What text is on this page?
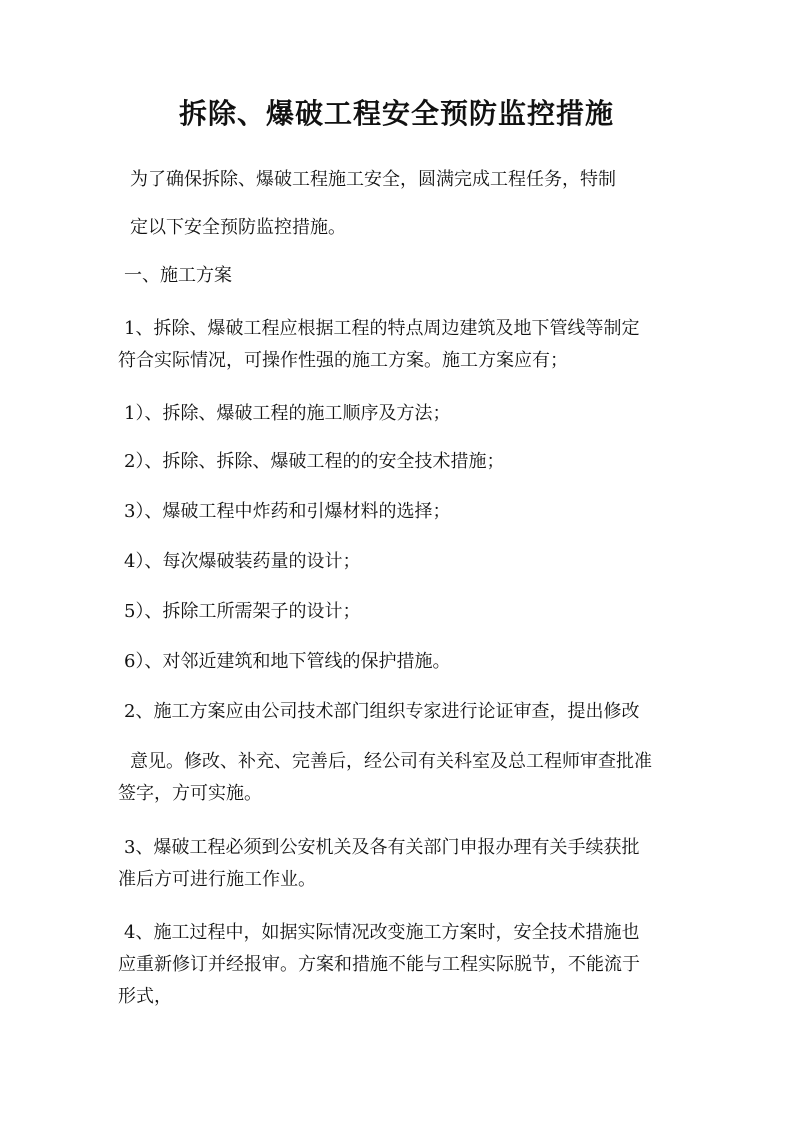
拆除、爆破工程安全预防监控措施

为了确保拆除、爆破工程施工安全，圆满完成工程任务，特制

定以下安全预防监控措施。

一、施工方案

1、拆除、爆破工程应根据工程的特点周边建筑及地下管线等制定
符合实际情况，可操作性强的施工方案。施工方案应有；

1）、拆除、爆破工程的施工顺序及方法；

2）、拆除、拆除、爆破工程的的安全技术措施；

3）、爆破工程中炸药和引爆材料的选择；

4）、每次爆破装药量的设计；

5）、拆除工所需架子的设计；

6）、对邻近建筑和地下管线的保护措施。

2、施工方案应由公司技术部门组织专家进行论证审查，提出修改

意见。修改、补充、完善后，经公司有关科室及总工程师审查批准
签字，方可实施。

3、爆破工程必须到公安机关及各有关部门申报办理有关手续获批
准后方可进行施工作业。

4、施工过程中，如据实际情况改变施工方案时，安全技术措施也
应重新修订并经报审。方案和措施不能与工程实际脱节，不能流于
形式，
